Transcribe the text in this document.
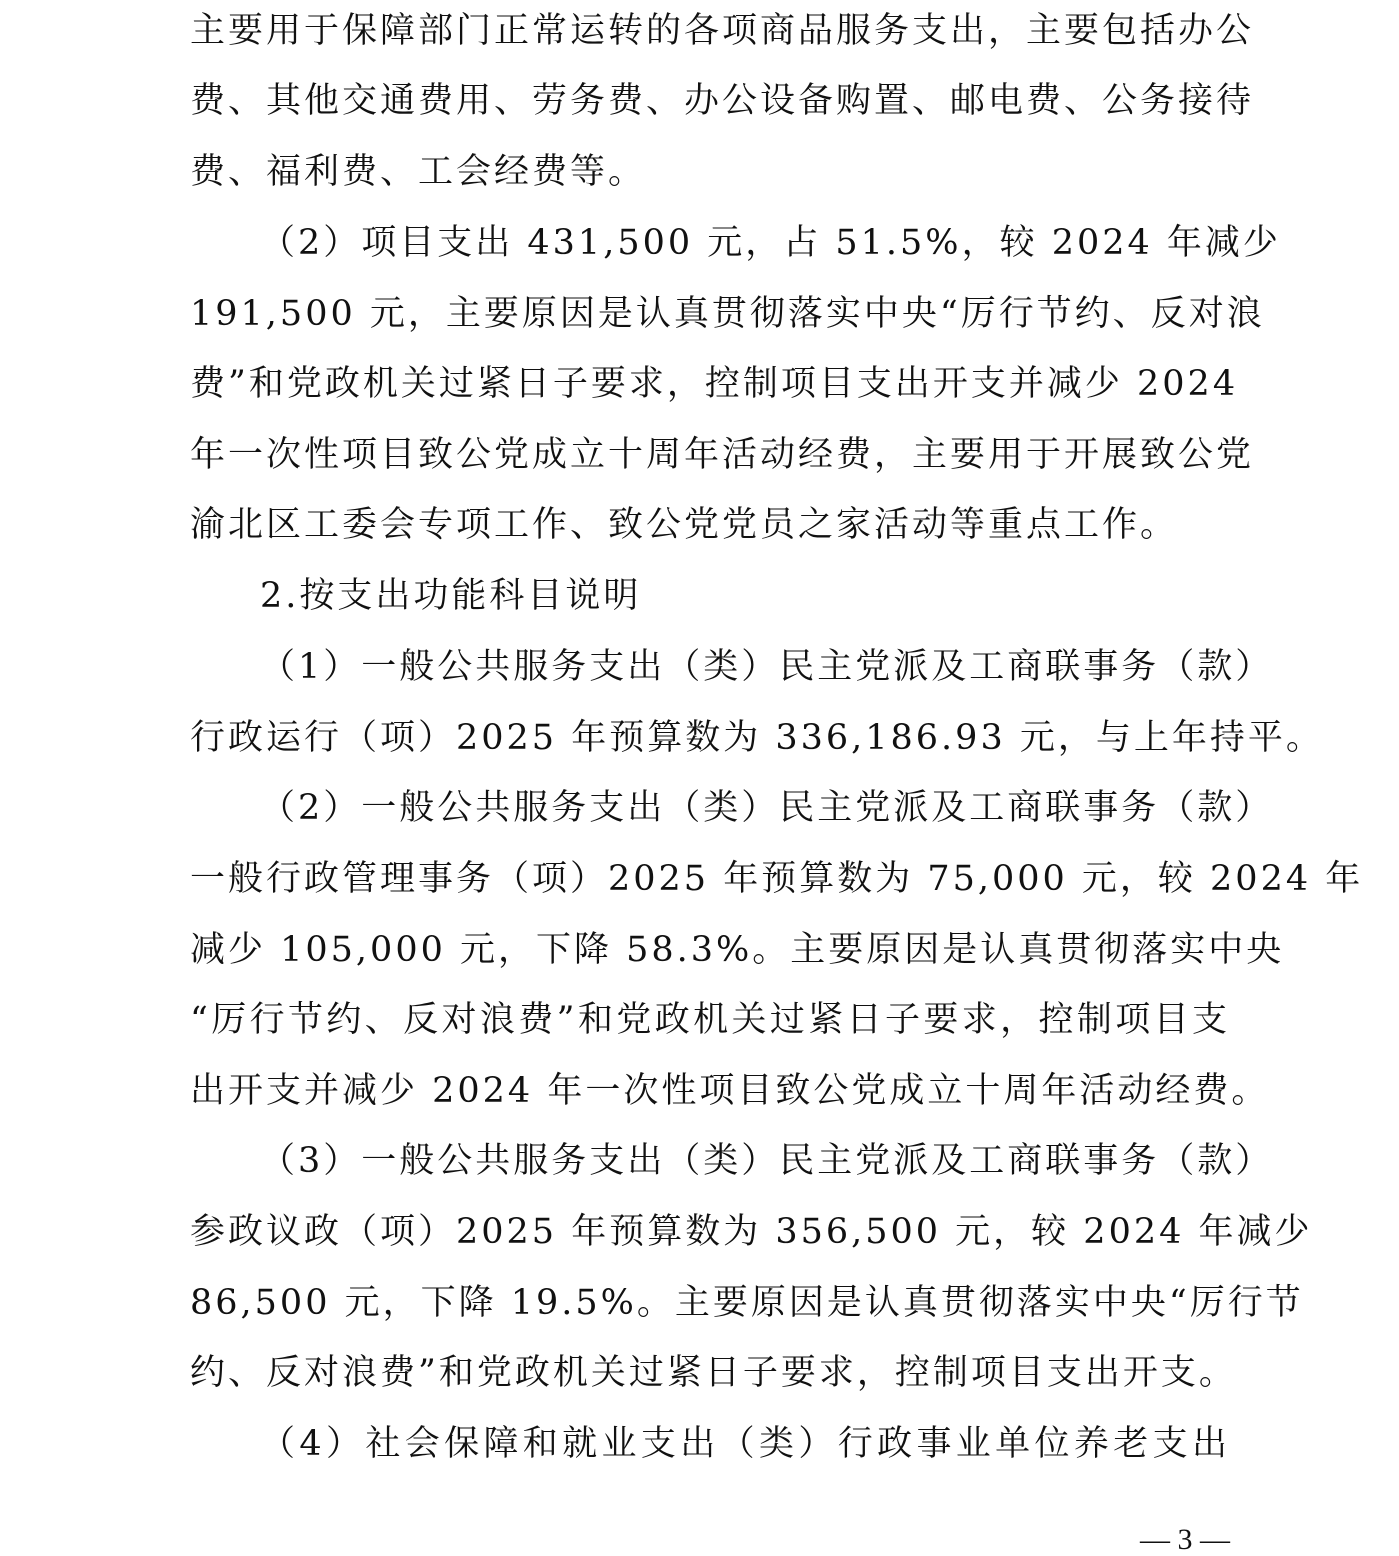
主要用于保障部门正常运转的各项商品服务支出，主要包括办公
费、其他交通费用、劳务费、办公设备购置、邮电费、公务接待
费、福利费、工会经费等。
（2）项目支出 431,500 元，占 51.5%，较 2024 年减少
191,500 元，主要原因是认真贯彻落实中央“厉行节约、反对浪
费”和党政机关过紧日子要求，控制项目支出开支并减少 2024
年一次性项目致公党成立十周年活动经费，主要用于开展致公党
渝北区工委会专项工作、致公党党员之家活动等重点工作。
2.按支出功能科目说明
（1）一般公共服务支出（类）民主党派及工商联事务（款）
行政运行（项）2025 年预算数为 336,186.93 元，与上年持平。
（2）一般公共服务支出（类）民主党派及工商联事务（款）
一般行政管理事务（项）2025 年预算数为 75,000 元，较 2024 年
减少 105,000 元，下降 58.3%。主要原因是认真贯彻落实中央
“厉行节约、反对浪费”和党政机关过紧日子要求，控制项目支
出开支并减少 2024 年一次性项目致公党成立十周年活动经费。
（3）一般公共服务支出（类）民主党派及工商联事务（款）
参政议政（项）2025 年预算数为 356,500 元，较 2024 年减少
86,500 元，下降 19.5%。主要原因是认真贯彻落实中央“厉行节
约、反对浪费”和党政机关过紧日子要求，控制项目支出开支。
（4）社会保障和就业支出（类）行政事业单位养老支出
— 3 —
